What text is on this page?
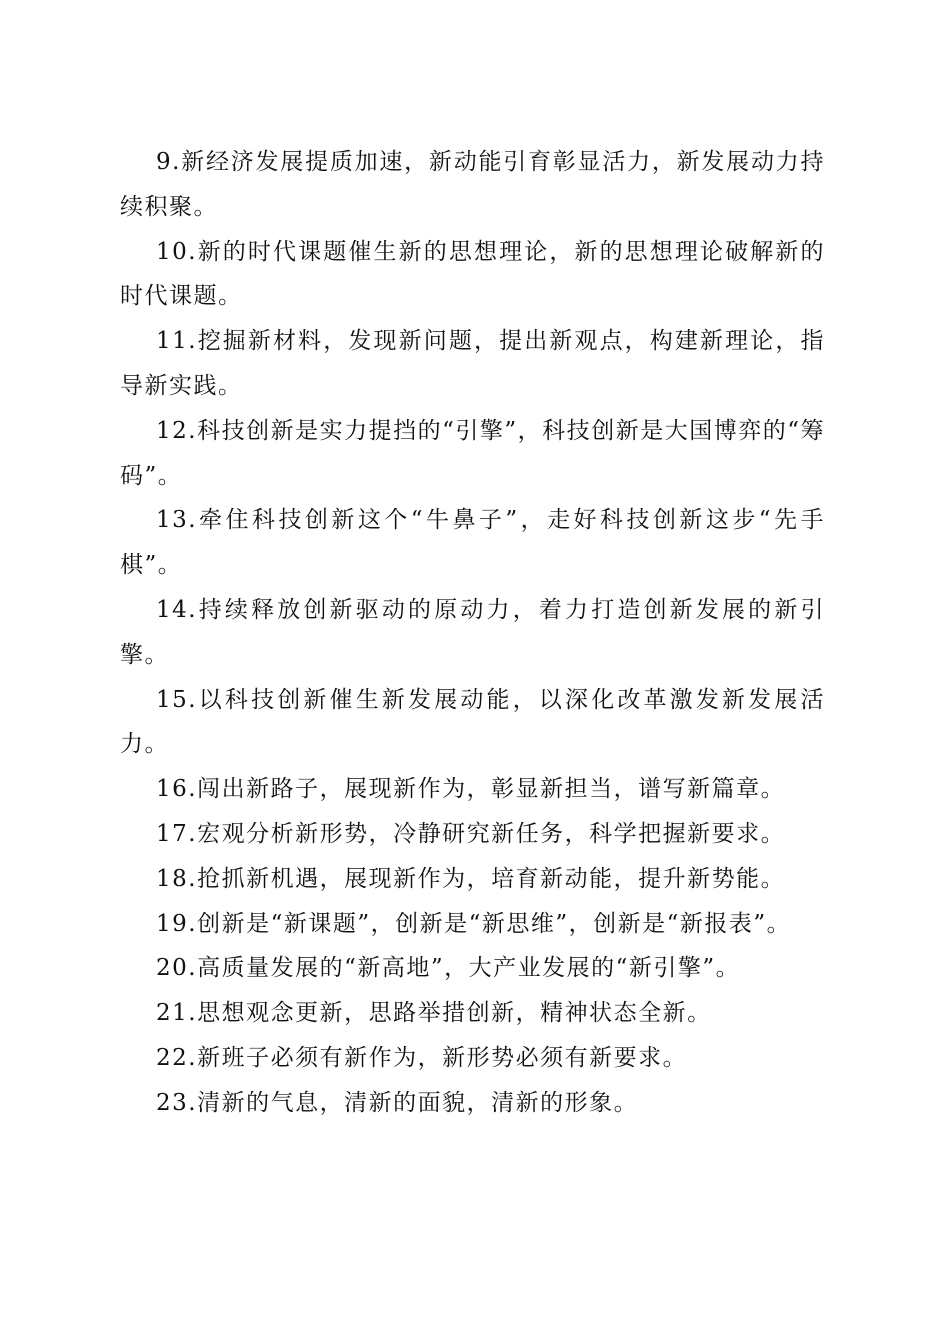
9.新经济发展提质加速，新动能引育彰显活力，新发展动力持续积聚。

10.新的时代课题催生新的思想理论，新的思想理论破解新的时代课题。

11.挖掘新材料，发现新问题，提出新观点，构建新理论，指导新实践。

12.科技创新是实力提挡的“引擎”，科技创新是大国博弈的“筹码”。

13.牵住科技创新这个“牛鼻子”，走好科技创新这步“先手棋”。

14.持续释放创新驱动的原动力，着力打造创新发展的新引擎。

15.以科技创新催生新发展动能，以深化改革激发新发展活力。

16.闯出新路子，展现新作为，彰显新担当，谱写新篇章。

17.宏观分析新形势，冷静研究新任务，科学把握新要求。

18.抢抓新机遇，展现新作为，培育新动能，提升新势能。

19.创新是“新课题”，创新是“新思维”，创新是“新报表”。

20.高质量发展的“新高地”，大产业发展的“新引擎”。

21.思想观念更新，思路举措创新，精神状态全新。

22.新班子必须有新作为，新形势必须有新要求。

23.清新的气息，清新的面貌，清新的形象。
